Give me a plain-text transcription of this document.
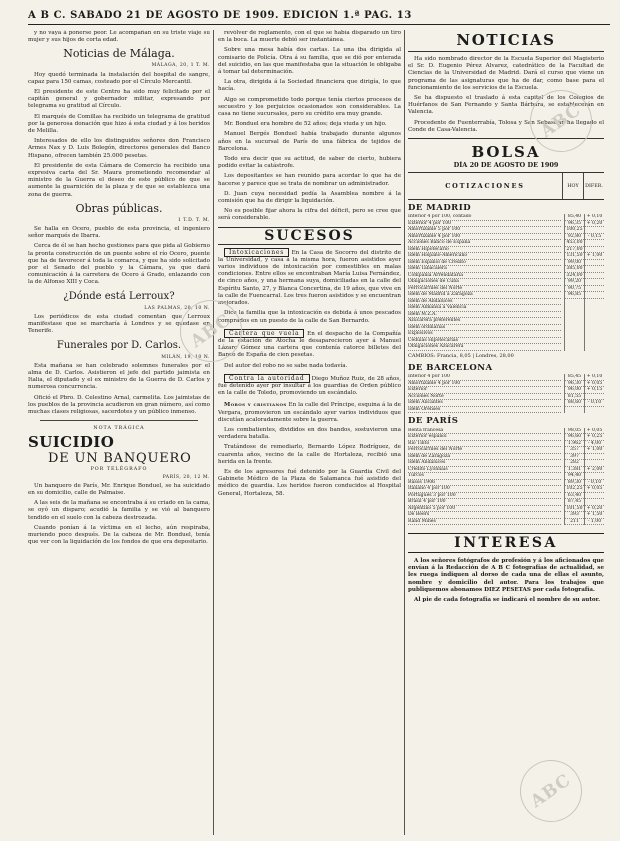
A B C. SABADO 21 DE AGOSTO DE 1909. EDICION 1.ª PAG. 13

y no vaya á ponerse peor. Le acompañan en su triste viaje su mujer y sus hijos de corta edad.

Noticias de Málaga.

MÁLAGA, 20, 1 T. M.

Hoy quedó terminada la instalación del hospital de sangre, capaz para 150 camas, costeado por el Círculo Mercantil.

El presidente de este Centro ha sido muy felicitado por el capitán general y gobernador militar, expresando por telegrama su gratitud al Círculo.

El marqués de Comillas ha recibido un telegrama de gratitud por la generosa donación que hizo á esta ciudad y á los heridos de Melilla.

Interesados de ello los distinguidos señores don Francisco Armes Nax y D. Luis Bolegón, directores generales del Banco Hispano, ofrecen también 25.000 pesetas.

El presidente de esta Cámara de Comercio ha recibido una expresiva carta del Sr. Maura prometiendo recomendar al ministro de la Guerra el deseo de este público de que se aumente la guarnición de la plaza y de que se establezca una zona de guerra.

Obras públicas.

1 T.D. T. M.

Se halla en Ocero, pueblo de esta provincia, el ingeniero señor marqués de Ibarra.

Cerca de él se han hecho gestiones para que pida al Gobierno la pronta construcción de un puente sobre el río Ocero, puente que ha de favorecer á toda la comarca, y que ha sido solicitado por el Senado del pueblo y la Cámara, ya que dará comunicación á la carretera de Ocero á Grado, enlazando con la de Alfonso XIII y Coca.

¿Dónde está Lerroux?

LAS PALMAS, 20, 10 N.

Los periódicos de esta ciudad comentan que Lerroux manifestase que se marcharía á Londres y se quedase en Tenerife.

Funerales por D. Carlos.

MILÁN, 19, 10 N.

Esta mañana se han celebrado solemnes funerales por el alma de D. Carlos. Asistieron el jefe del partido jaimista en Italia, el diputado y el ex ministro de la Guerra de D. Carlos y numerosa concurrencia.

Ofició el Pbro. D. Celestino Arnal, carmelita. Los jaimistas de los pueblos de la provincia acudieron en gran número, así como muchas clases religiosas, sacerdotes y un público inmenso.

NOTA TRÁGICA

SUICIDIO
DE UN BANQUERO

POR TELÉGRAFO

PARÍS, 20, 12 M.

Un banquero de París, Mr. Enrique Bonduel, se ha suicidado en su domicilio, calle de Palmaise.

A las seis de la mañana se encontraba á su criado en la cama, se oyó un disparo; acudió la familia y se vió al banquero tendido en el suelo con la cabeza destrozada.

Cuando ponían á la víctima en el lecho, aún respiraba, muriendo poco después. De la cabeza de Mr. Bonduel, tenía que ver con la liquidación de los fondos de que era depositario.

revólver de reglamento, con el que se había disparado un tiro en la boca. La muerte debió ser instantánea.

Sobre una mesa había dos cartas. La una iba dirigida al comisario de Policía. Otra á su familia, que se dió por enterada del suicidio, en las que manifestaba que la situación le obligaba á tomar tal determinación.

La otra, dirigida á la Sociedad financiera que dirigía, lo que hacía.

Algo se comprometido todo porque tenía ciertos procesos de secuestro y los perjuicios ocasionados son considerables. La casa no tiene sucursales, pero su crédito era muy grande.

Mr. Bonduel era hombre de 52 años; deja viuda y un hijo.

Manuel Bergés Bonduel había trabajado durante algunos años en la sucursal de París de una fábrica de tejidos de Barcelona.

Todo era decir que su actitud, de saber de cierto, hubiera podido evitar la catástrofe.

Los depositantes se han reunido para acordar lo que ha de hacerse y parece que se trata de nombrar un administrador.

D. Juan cuya necesidad pedía la Asamblea nombre á la comisión que ha de dirigir la liquidación.

No es posible fijar ahora la cifra del déficit, pero se cree que será considerable.

SUCESOS

Intoxicaciones En la Casa de Socorro del distrito de la Universidad, y casa á la misma hora, fueron asistidos ayer varios individuos de intoxicación por comestibles en malas condiciones. Entre ellos se encontraban María Luisa Fernández, de cinco años, y una hermana suya, domiciliadas en la calle del Espíritu Santo, 27, y Blanca Concertina, de 19 años, que vive en la calle de Fuencarral. Los tres fueron asistidos y se encuentran mejorados.

Dice la familia que la intoxicación es debida á unos pescados comprados en un puesto de la calle de San Bernardo.

Cartera que vuela En el despacho de la Compañía de la estación de Atocha le desaparecieron ayer á Manuel Lázaro Gómez una cartera que contenía catorce billetes del Banco de España de cien pesetas.

Del autor del robo no se sabe nada todavía.

Contra la autoridad Diego Muñoz Ruiz, de 28 años, fué detenido ayer por insultar á los guardias de Orden público en la calle de Toledo, promoviendo un escándalo.

Moros y cristianos En la calle del Príncipe, esquina á la de Vergara, promovieron un escándalo ayer varios individuos que discutían acaloradamente sobre la guerra.

Los combatientes, divididos en dos bandos, sostuvieron una verdadera batalla.

Tratándose de remediarlo, Bernardo López Rodríguez, de cuarenta años, vecino de la calle de Hortaleza, recibió una herida en la frente.

Es de los agresores fué detenido por la Guardia Civil del Gabinete Médico de la Plaza de Salamanca fué asistido del médico de guardia. Los heridos fueron conducidos al Hospital General, Hortaleza, 58.

NOTICIAS

Ha sido nombrado director de la Escuela Superior del Magisterio el Sr. D. Eugenio Pérez Alvarez, catedrático de la Facultad de Ciencias de la Universidad de Madrid. Dará el curso que viene un programa de las asignaturas que ha de dar, como base para el funcionamiento de los servicios de la Escuela.

Se ha dispuesto el traslado á esta capital de los Colegios de Huérfanos de San Fernando y Santa Bárbara, se establecerán en Valencia.

Procedente de Fuenterrabía, Tolosa y San Sebastián ha llegado el Conde de Casa-Valencia.

BOLSA
DÍA 20 DE AGOSTO DE 1909
COTIZACIONES	HOY	DIFER.
DE MADRID
Interior 4 por 100, contado
Exterior 4 por 100
Amortizable 5 por 100
Amortizable 4 por 100
Acciones Banco de España
Idem Hipotecario
Idem Hispano-Americano
Idem Español de Crédito
Idem Tabacalera
Compañía Arrendataria
Obligaciones de Cuba
Ferrocarriles del Norte
Idem de Madrid á Zaragoza
Idem de Andaluces
Idem Almansa á Valencia
Idem M.Z.A.
Azucarera preferentes
Idem ordinarias
Explosivos
Cédulas Hipotecarias
Obligaciones Azucarera
85,40
96,35
100,25
92,80
453,00
217,00
131,50
99,00
385,00
324,00
99,20
90,75
96,85
+ 0,10
+ 0,20
- 0,15
+ 1,00

CAMBIOS: Francia, 8,05 | Londres, 28,00

DE BARCELONA
Interior 4 por 100
Amortizable 4 por 100
Exterior
Acciones Norte
Idem Alicantes
Idem Orenses
85,45
96,30
96,00
81,55
88,60
+ 0,10
+ 0,05
+ 0,15
- 0,10
DE PARÍS
Renta francesa
Exterior español
Río Tinto
Ferrocarriles del Norte
Idem de Zaragoza
Idem Andaluces
Crédito Lyonnais
Turcos
Rusos 1906
Italiano 4 por 100
Portugués 3 por 100
Brasil 4 por 100
Argentino 5 por 100
De Beers
Rand Mines
98,05
96,60
1.962
357
397
282
1.381
94,40
89,30
102,25
63,40
87,45
101,50
393
211
+ 0,05
+ 0,25
- 4,00
+ 1,00
+ 2,00
- 0,10
+ 0,05
+ 0,20
+ 1,50
- 1,00
INTERESA

A los señores fotógrafos de profesión y á los aficionados que envían á la Redacción de A B C fotografías de actualidad, se les ruega indiquen al dorso de cada una de ellas el asunto, nombre y domicilio del autor. Para los trabajos que publiquemos abonamos DIEZ PESETAS por cada fotografía.

Al pie de cada fotografía se indicará el nombre de su autor.

ABC
ABC
ABC
